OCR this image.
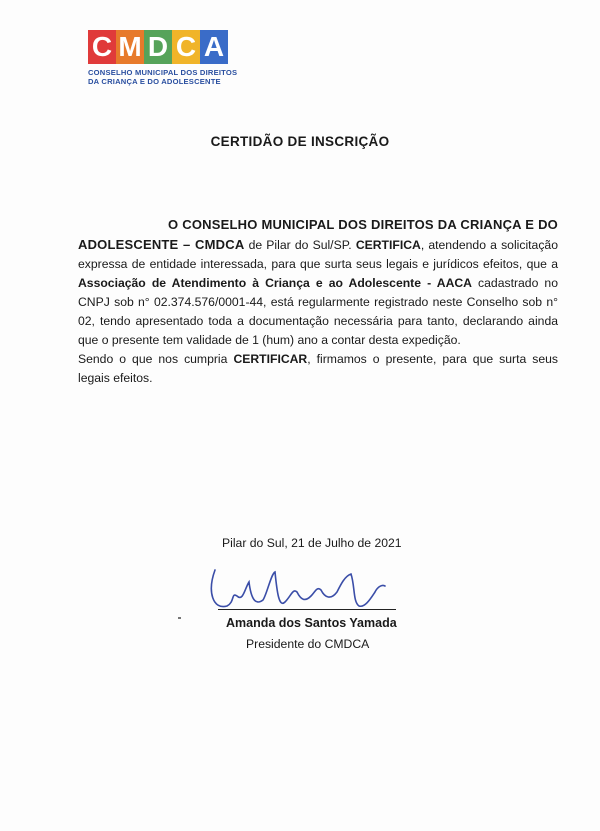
C M D C A
CONSELHO MUNICIPAL DOS DIREITOS
DA CRIANÇA E DO ADOLESCENTE
CERTIDÃO DE INSCRIÇÃO

O CONSELHO MUNICIPAL DOS DIREITOS DA CRIANÇA E DO ADOLESCENTE – CMDCA de Pilar do Sul/SP. CERTIFICA, atendendo a solicitação expressa de entidade interessada, para que surta seus legais e jurídicos efeitos, que a Associação de Atendimento à Criança e ao Adolescente - AACA cadastrado no CNPJ sob n° 02.374.576/0001-44, está regularmente registrado neste Conselho sob n° 02, tendo apresentado toda a documentação necessária para tanto, declarando ainda que o presente tem validade de 1 (hum) ano a contar desta expedição.

Sendo o que nos cumpria CERTIFICAR, firmamos o presente, para que surta seus legais efeitos.

Pilar do Sul, 21 de Julho de 2021
Amanda dos Santos Yamada
Presidente do CMDCA
